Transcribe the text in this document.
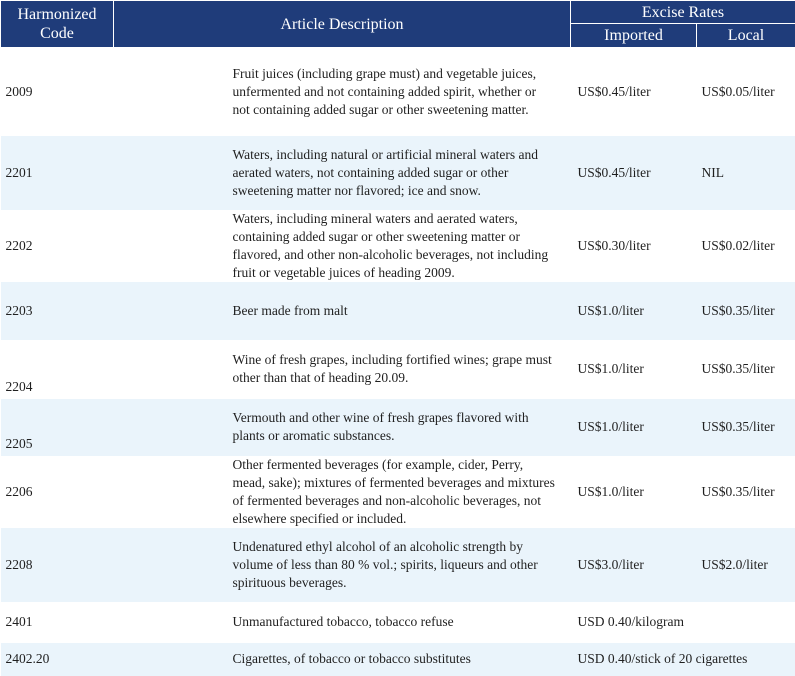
Harmonized Code	Article Description	Excise Rates	
		Imported	Local
2009	Fruit juices (including grape must) and vegetable juices, unfermented and not containing added spirit, whether or not containing added sugar or other sweetening matter.	US$0.45/liter	US$0.05/liter
2201	Waters, including natural or artificial mineral waters and aerated waters, not containing added sugar or other sweetening matter nor flavored; ice and snow.	US$0.45/liter	NIL
2202	Waters, including mineral waters and aerated waters, containing added sugar or other sweetening matter or flavored, and other non-alcoholic beverages, not including fruit or vegetable juices of heading 2009.	US$0.30/liter	US$0.02/liter
2203	Beer made from malt	US$1.0/liter	US$0.35/liter
2204	Wine of fresh grapes, including fortified wines; grape must other than that of heading 20.09.	US$1.0/liter	US$0.35/liter
2205	Vermouth and other wine of fresh grapes flavored with plants or aromatic substances.	US$1.0/liter	US$0.35/liter
2206	Other fermented beverages (for example, cider, Perry, mead, sake); mixtures of fermented beverages and mixtures of fermented beverages and non-alcoholic beverages, not elsewhere specified or included.	US$1.0/liter	US$0.35/liter
2208	Undenatured ethyl alcohol of an alcoholic strength by volume of less than 80 % vol.; spirits, liqueurs and other spirituous beverages.	US$3.0/liter	US$2.0/liter
2401	Unmanufactured tobacco, tobacco refuse	USD 0.40/kilogram	
2402.20	Cigarettes, of tobacco or tobacco substitutes	USD 0.40/stick of 20 cigarettes	
